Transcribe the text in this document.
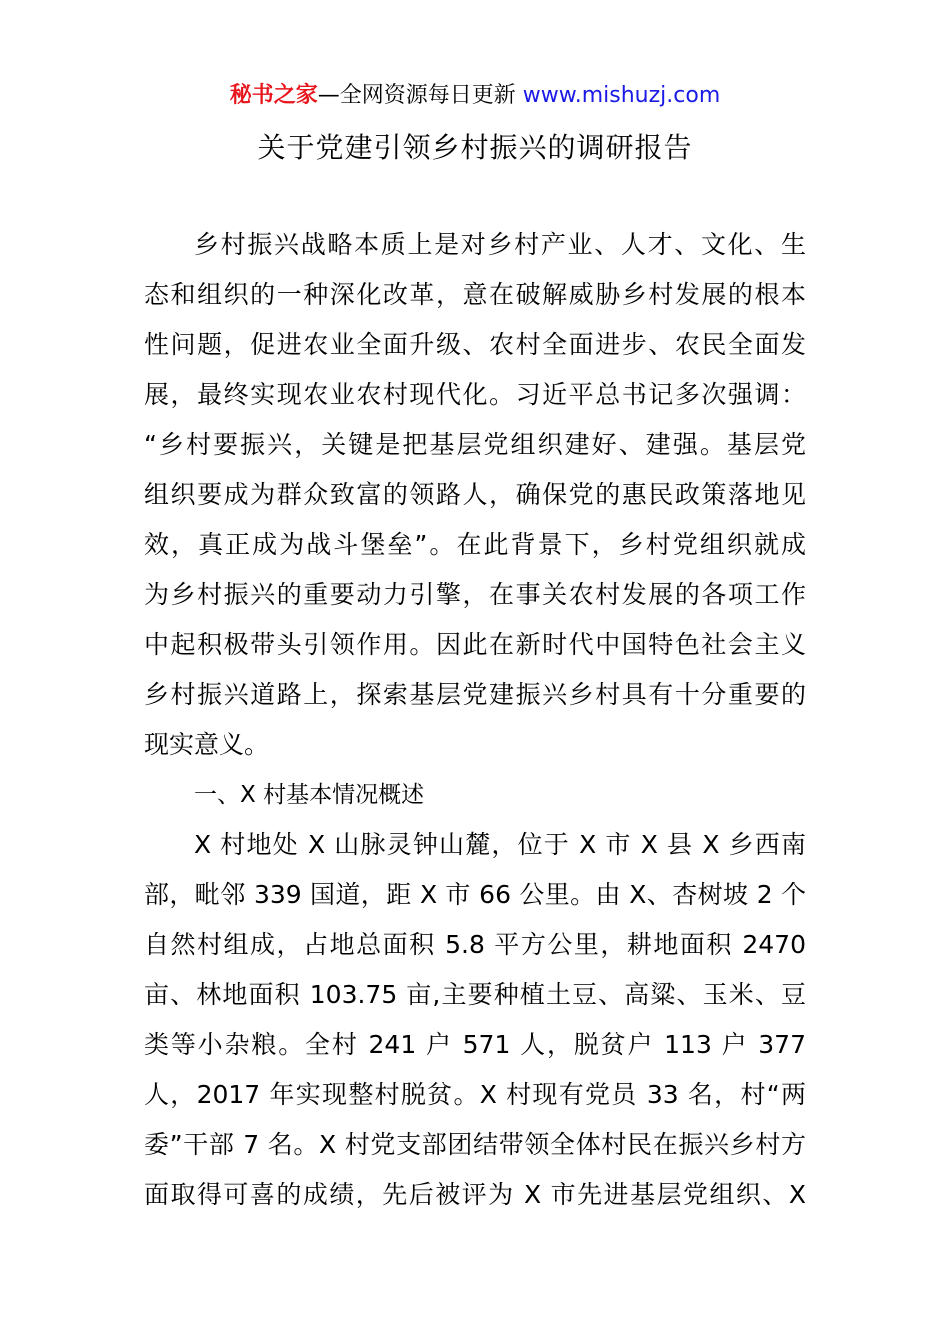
秘书之家—全网资源每日更新 www.mishuzj.com
关于党建引领乡村振兴的调研报告
乡村振兴战略本质上是对乡村产业、人才、文化、生
态和组织的一种深化改革，意在破解威胁乡村发展的根本
性问题，促进农业全面升级、农村全面进步、农民全面发
展，最终实现农业农村现代化。习近平总书记多次强调：
“乡村要振兴，关键是把基层党组织建好、建强。基层党
组织要成为群众致富的领路人，确保党的惠民政策落地见
效，真正成为战斗堡垒”。在此背景下，乡村党组织就成
为乡村振兴的重要动力引擎，在事关农村发展的各项工作
中起积极带头引领作用。因此在新时代中国特色社会主义
乡村振兴道路上，探索基层党建振兴乡村具有十分重要的
现实意义。
一、X 村基本情况概述
X 村地处 X 山脉灵钟山麓，位于 X 市 X 县 X 乡西南
部，毗邻 339 国道，距 X 市 66 公里。由 X、杏树坡 2 个
自然村组成，占地总面积 5.8 平方公里，耕地面积 2470
亩、林地面积 103.75 亩,主要种植土豆、高粱、玉米、豆
类等小杂粮。全村 241 户 571 人，脱贫户 113 户 377
人，2017 年实现整村脱贫。X 村现有党员 33 名，村“两
委”干部 7 名。X 村党支部团结带领全体村民在振兴乡村方
面取得可喜的成绩，先后被评为 X 市先进基层党组织、X
